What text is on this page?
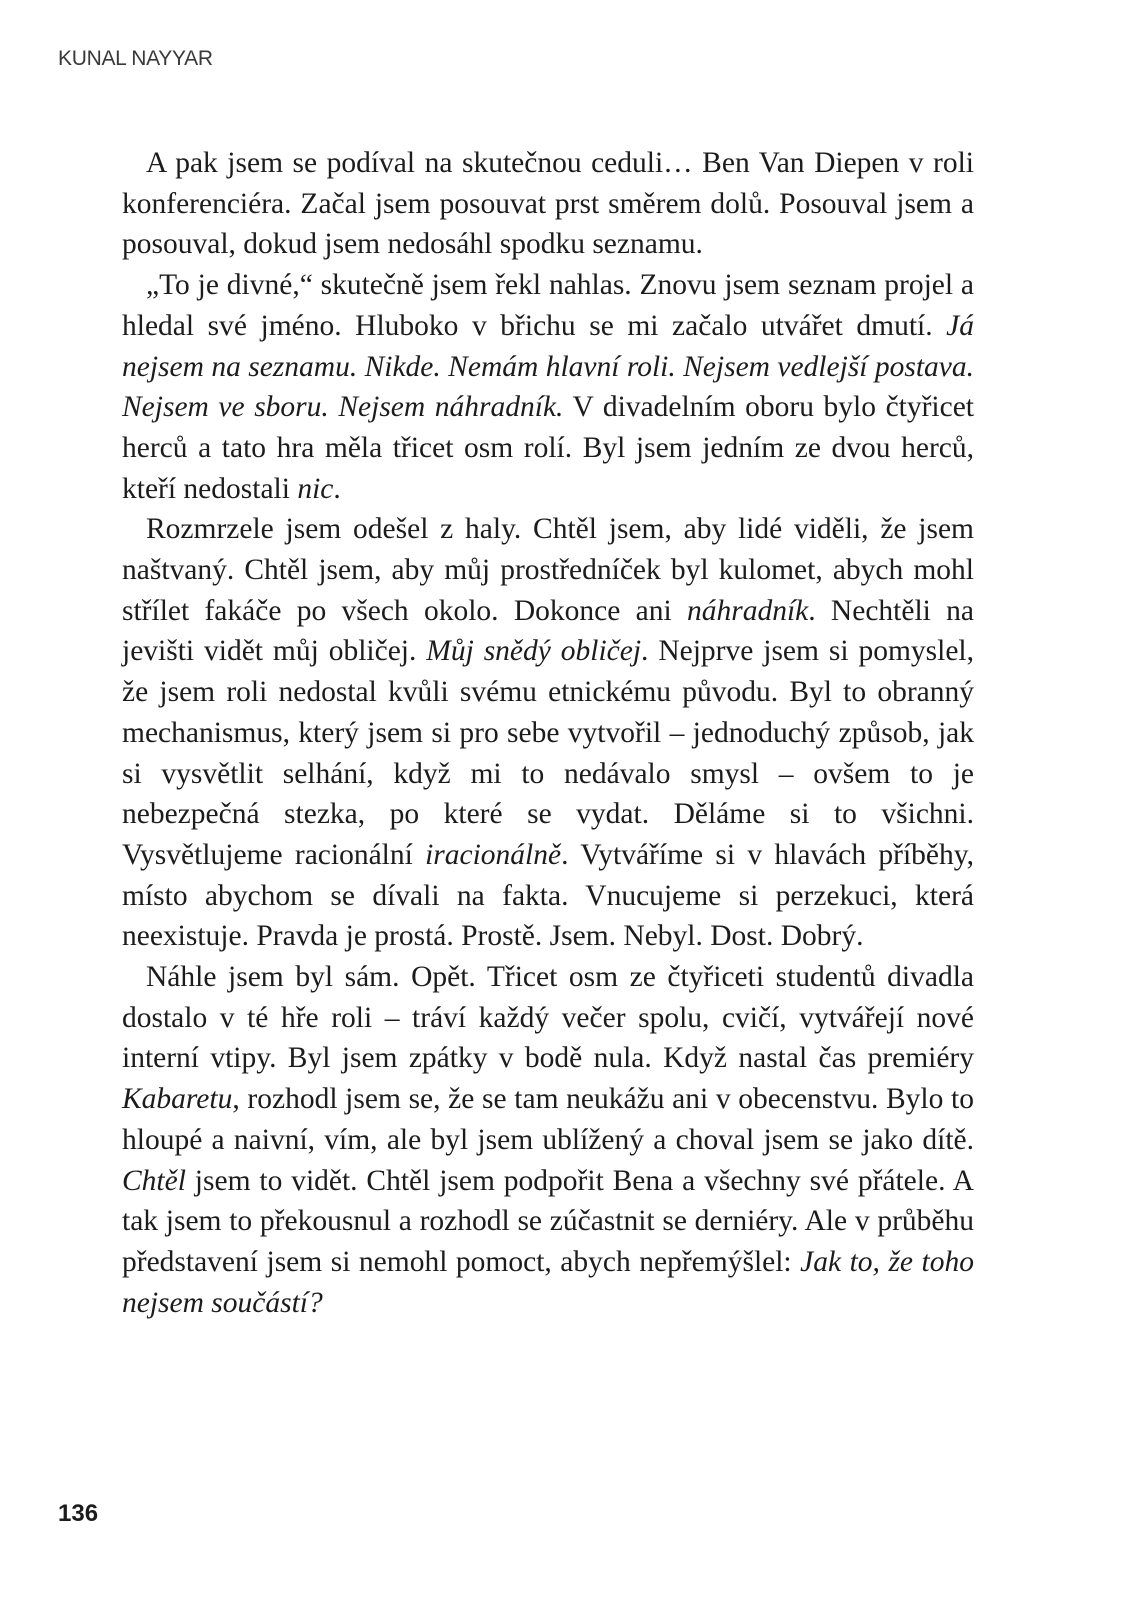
KUNAL NAYYAR

A pak jsem se podíval na skutečnou ceduli… Ben Van Diepen v roli konferenciéra. Začal jsem posouvat prst směrem dolů. Posouval jsem a posouval, dokud jsem nedosáhl spodku seznamu.

„To je divné,“ skutečně jsem řekl nahlas. Znovu jsem seznam projel a hledal své jméno. Hluboko v břichu se mi začalo utvářet dmutí. Já nejsem na seznamu. Nikde. Nemám hlavní roli. Nejsem vedlejší postava. Nejsem ve sboru. Nejsem náhradník. V divadelním oboru bylo čtyřicet herců a tato hra měla třicet osm rolí. Byl jsem jedním ze dvou herců, kteří nedostali nic.

Rozmrzele jsem odešel z haly. Chtěl jsem, aby lidé viděli, že jsem naštvaný. Chtěl jsem, aby můj prostředníček byl kulomet, abych mohl střílet fakáče po všech okolo. Dokonce ani náhradník. Nechtěli na jevišti vidět můj obličej. Můj snědý obličej. Nejprve jsem si pomyslel, že jsem roli nedostal kvůli svému etnickému původu. Byl to obranný mechanismus, který jsem si pro sebe vytvořil – jednoduchý způsob, jak si vysvětlit selhání, když mi to nedávalo smysl – ovšem to je nebezpečná stezka, po které se vydat. Děláme si to všichni. Vysvětlujeme racionální iracionálně. Vytváříme si v hlavách příběhy, místo abychom se dívali na fakta. Vnucujeme si perzekuci, která neexistuje. Pravda je prostá. Prostě. Jsem. Nebyl. Dost. Dobrý.

Náhle jsem byl sám. Opět. Třicet osm ze čtyřiceti studentů divadla dostalo v té hře roli – tráví každý večer spolu, cvičí, vytvářejí nové interní vtipy. Byl jsem zpátky v bodě nula. Když nastal čas premiéry Kabaretu, rozhodl jsem se, že se tam neukážu ani v obecenstvu. Bylo to hloupé a naivní, vím, ale byl jsem ublížený a choval jsem se jako dítě. Chtěl jsem to vidět. Chtěl jsem podpořit Bena a všechny své přátele. A tak jsem to překousnul a rozhodl se zúčastnit se derniéry. Ale v průběhu představení jsem si nemohl pomoct, abych nepřemýšlel: Jak to, že toho nejsem součástí?

136
